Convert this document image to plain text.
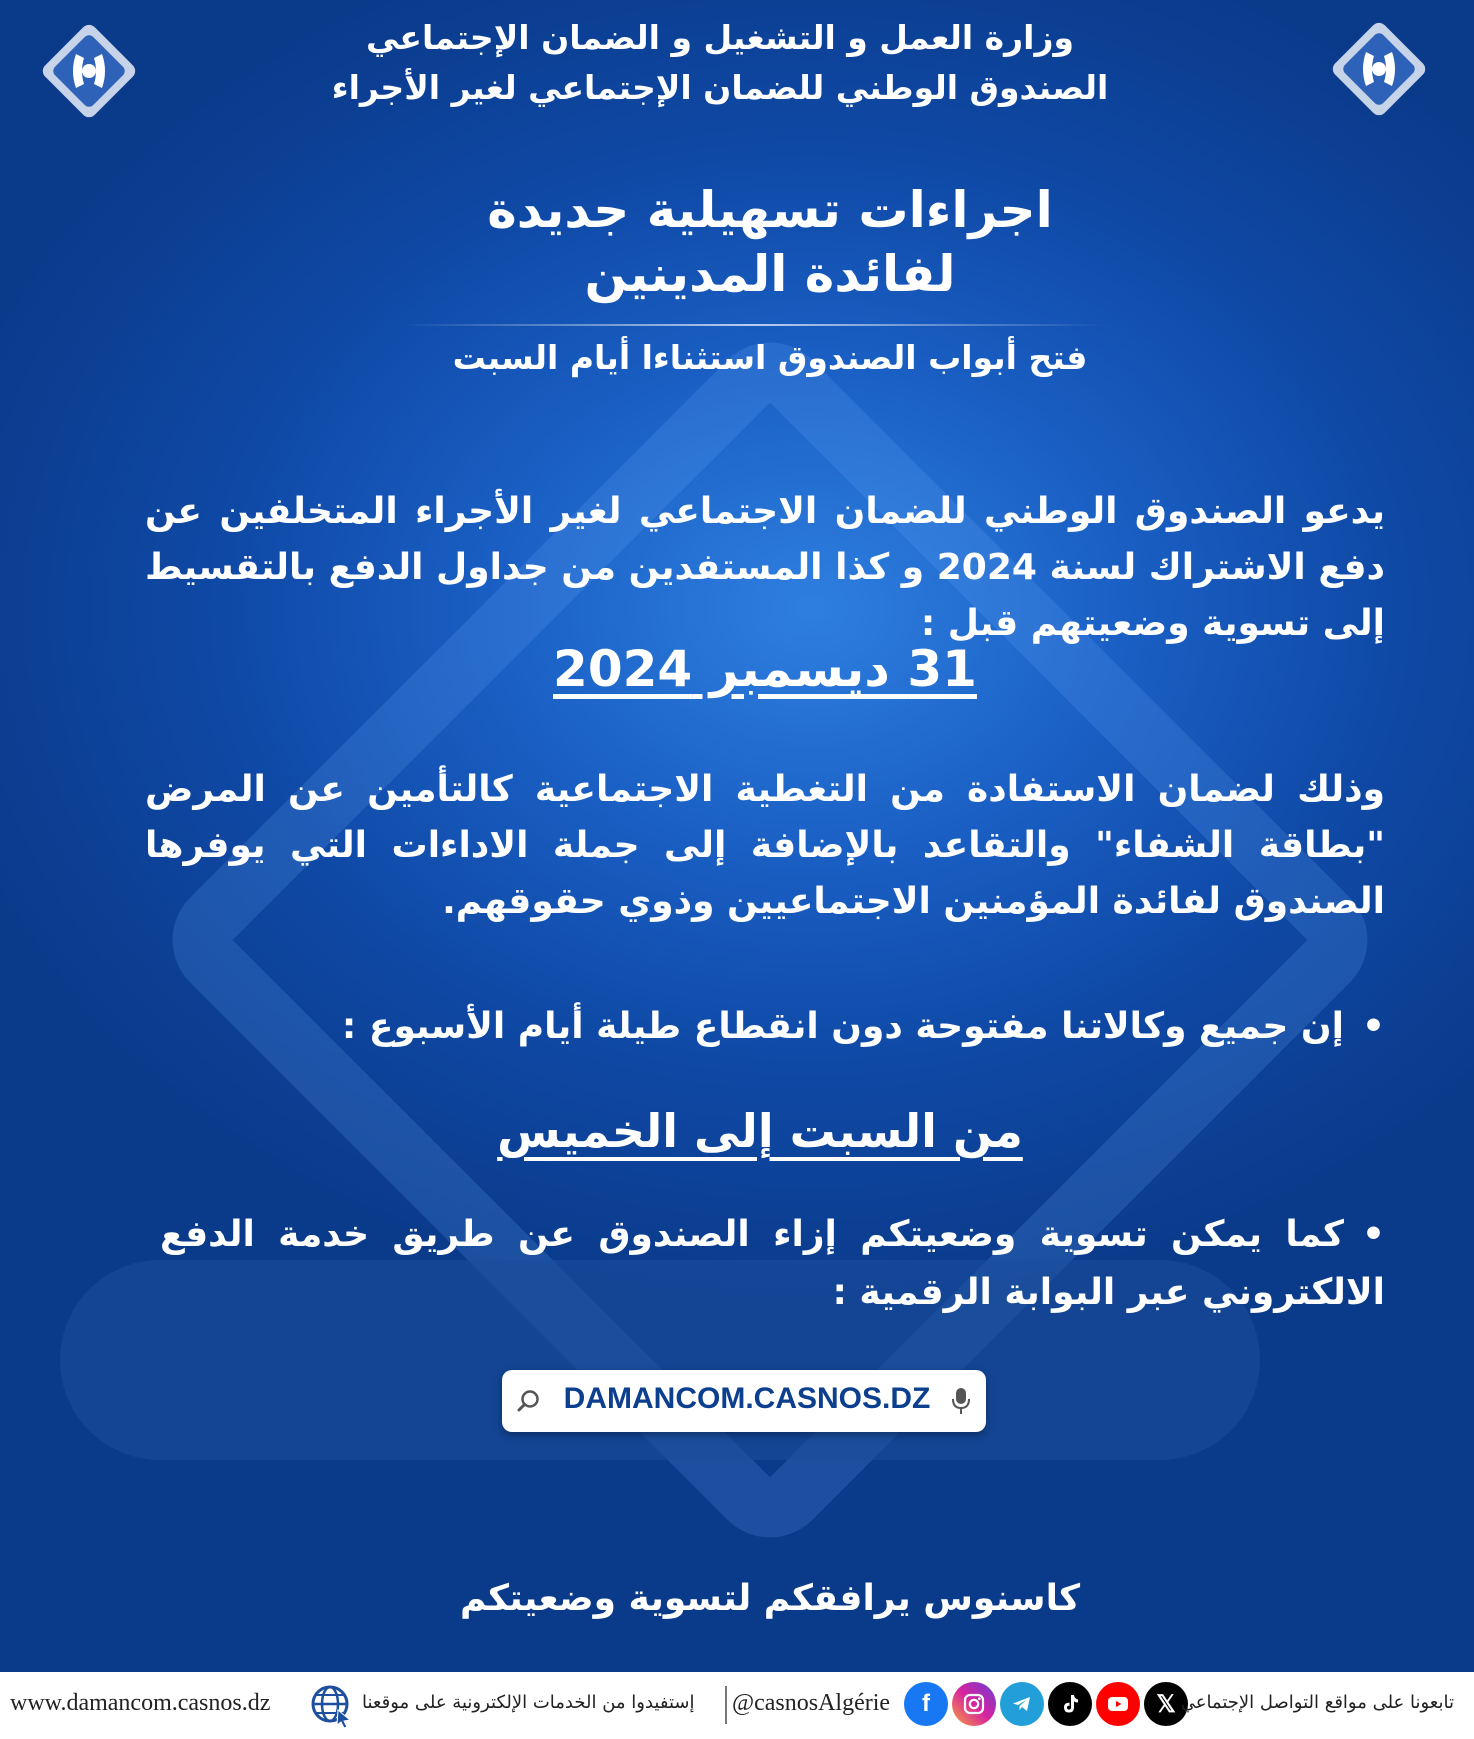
وزارة العمل و التشغيل و الضمان الإجتماعي
الصندوق الوطني للضمان الإجتماعي لغير الأجراء
اجراءات تسهيلية جديدة
لفائدة المدينين
فتح أبواب الصندوق استثناءا أيام السبت
يدعو الصندوق الوطني للضمان الاجتماعي لغير الأجراء المتخلفين عن دفع الاشتراك لسنة 2024 و كذا المستفدين من جداول الدفع بالتقسيط إلى تسوية وضعيتهم قبل :
31 ديسمبر 2024
وذلك لضمان الاستفادة من التغطية الاجتماعية كالتأمين عن المرض "بطاقة الشفاء" والتقاعد بالإضافة إلى جملة الاداءات التي يوفرها الصندوق لفائدة المؤمنين الاجتماعيين وذوي حقوقهم.
•إن جميع وكالاتنا مفتوحة دون انقطاع طيلة أيام الأسبوع :
من السبت إلى الخميس
•كما يمكن تسوية وضعيتكم إزاء الصندوق عن طريق خدمة الدفع الالكتروني عبر البوابة الرقمية :
DAMANCOM.CASNOS.DZ
كاسنوس يرافقكم لتسوية وضعيتكم
www.damancom.casnos.dz	إستفيدوا من الخدمات الإلكترونية على موقعنا @casnosAlgérie	f	𝕏 تابعونا على مواقع التواصل الإجتماعي
